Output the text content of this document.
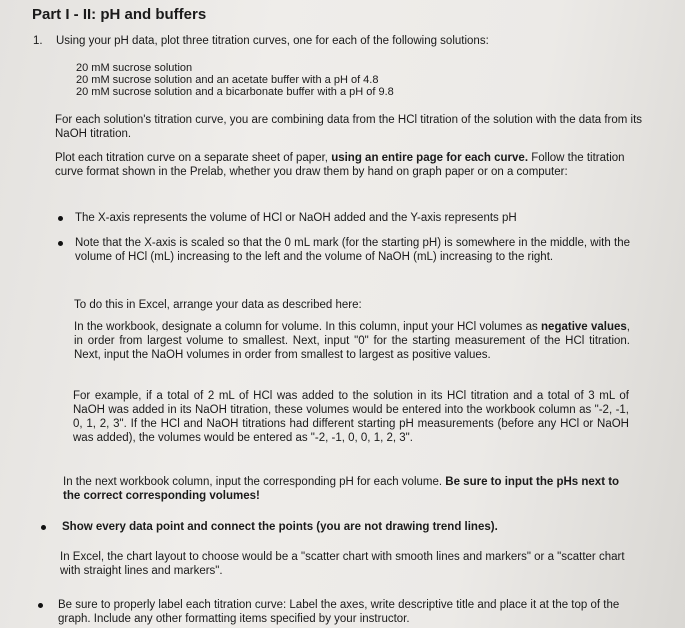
Part I - II: pH and buffers
1. Using your pH data, plot three titration curves, one for each of the following solutions:
20 mM sucrose solution
20 mM sucrose solution and an acetate buffer with a pH of 4.8
20 mM sucrose solution and a bicarbonate buffer with a pH of 9.8
For each solution's titration curve, you are combining data from the HCl titration of the solution with the data from its NaOH titration.
Plot each titration curve on a separate sheet of paper, using an entire page for each curve. Follow the titration curve format shown in the Prelab, whether you draw them by hand on graph paper or on a computer:
The X-axis represents the volume of HCl or NaOH added and the Y-axis represents pH
Note that the X-axis is scaled so that the 0 mL mark (for the starting pH) is somewhere in the middle, with the volume of HCl (mL) increasing to the left and the volume of NaOH (mL) increasing to the right.
To do this in Excel, arrange your data as described here:
In the workbook, designate a column for volume. In this column, input your HCl volumes as negative values, in order from largest volume to smallest. Next, input "0" for the starting measurement of the HCl titration. Next, input the NaOH volumes in order from smallest to largest as positive values.
For example, if a total of 2 mL of HCl was added to the solution in its HCl titration and a total of 3 mL of NaOH was added in its NaOH titration, these volumes would be entered into the workbook column as "-2, -1, 0, 1, 2, 3". If the HCl and NaOH titrations had different starting pH measurements (before any HCl or NaOH was added), the volumes would be entered as "-2, -1, 0, 0, 1, 2, 3".
In the next workbook column, input the corresponding pH for each volume. Be sure to input the pHs next to the correct corresponding volumes!
Show every data point and connect the points (you are not drawing trend lines).
In Excel, the chart layout to choose would be a "scatter chart with smooth lines and markers" or a "scatter chart with straight lines and markers".
Be sure to properly label each titration curve: Label the axes, write descriptive title and place it at the top of the graph. Include any other formatting items specified by your instructor.
